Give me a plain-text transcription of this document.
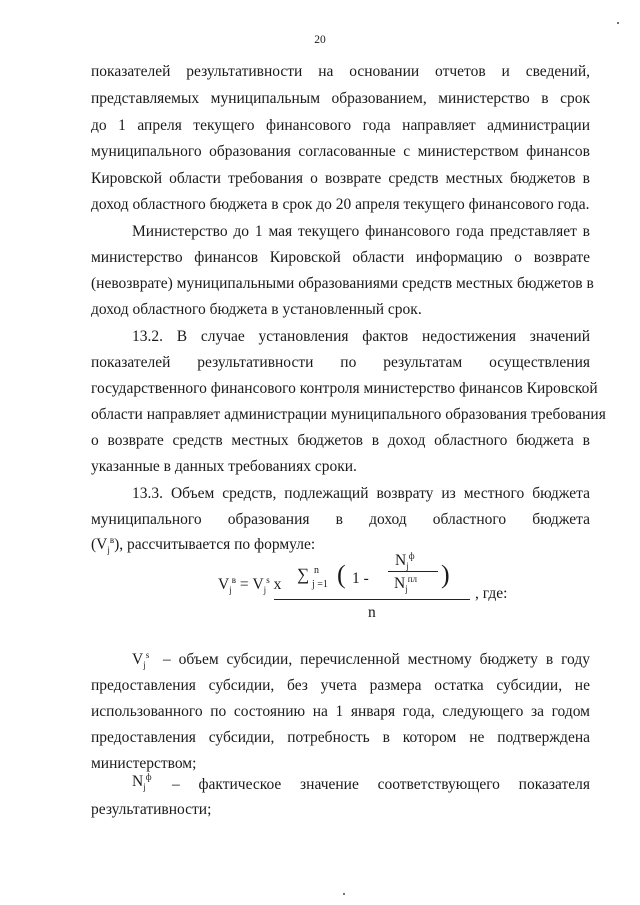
20
показателей результативности на основании отчетов и сведений,
представляемых муниципальным образованием, министерство в срок
до 1 апреля текущего финансового года направляет администрации
муниципального образования согласованные с министерством финансов
Кировской области требования о возврате средств местных бюджетов в
доход областного бюджета в срок до 20 апреля текущего финансового года.
Министерство до 1 мая текущего финансового года представляет в
министерство финансов Кировской области информацию о возврате
(невозврате) муниципальными образованиями средств местных бюджетов в
доход областного бюджета в установленный срок.
13.2. В случае установления фактов недостижения значений
показателей результативности по результатам осуществления
государственного финансового контроля министерство финансов Кировской
области направляет администрации муниципального образования требования
о возврате средств местных бюджетов в доход областного бюджета в
указанные в данных требованиях сроки.
13.3. Объем средств, подлежащий возврату из местного бюджета
муниципального образования в доход областного бюджета
$(V_j^в)$, рассчитывается по формуле:
$V_j^в = V_j^s$ x
∑ n
j =1 ( 1 -
$N_j^ф$
$N_j^{пл}$ )
n
, где:
$V_j^s$ – объем субсидии, перечисленной местному бюджету в году
предоставления субсидии, без учета размера остатка субсидии, не
использованного по состоянию на 1 января года, следующего за годом
предоставления субсидии, потребность в котором не подтверждена
министерством;
$N_j^ф$ – фактическое значение соответствующего показателя
результативности;
